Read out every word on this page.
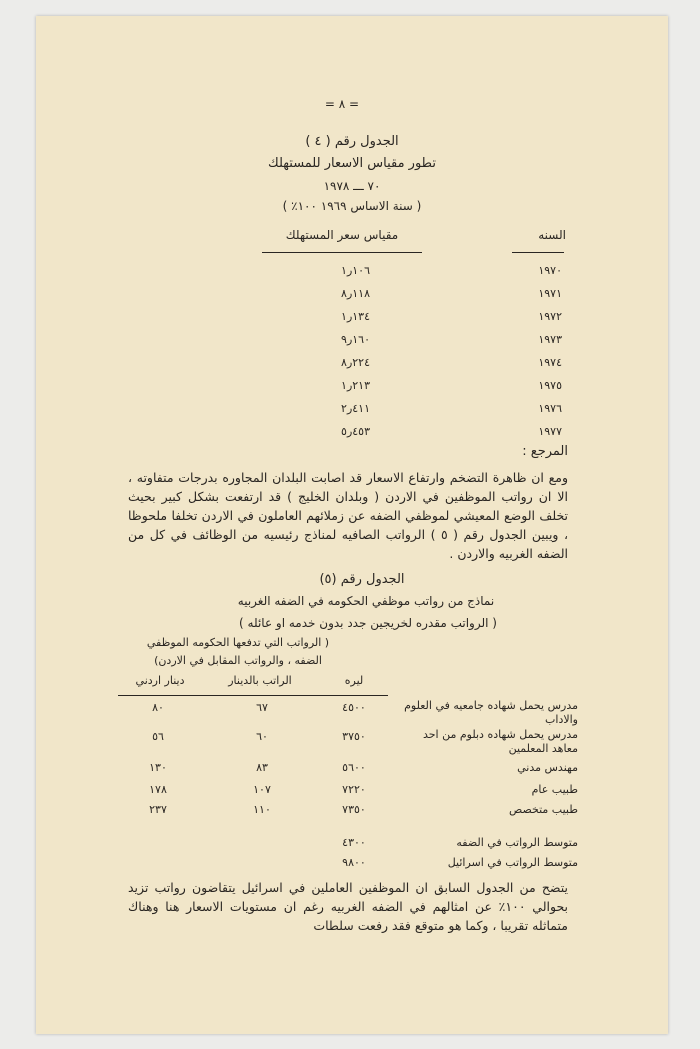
= ٨ =
الجدول رقم ( ٤ )
تطور مقياس الاسعار للمستهلك
٧٠ ـــ ١٩٧٨
( سنة الاساس ١٩٦٩ ١٠٠٪ )
السنه
مقياس سعر المستهلك
١٩٧٠
١٠٦ر١
١٩٧١
١١٨ر٨
١٩٧٢
١٣٤ر١
١٩٧٣
١٦٠ر٩
١٩٧٤
٢٢٤ر٨
١٩٧٥
٢١٣ر١
١٩٧٦
٤١١ر٢
١٩٧٧
٤٥٣ر٥
المرجع :

ومع ان ظاهرة التضخم وارتفاع الاسعار قد اصابت البلدان المجاوره بدرجات متفاوته ، الا ان رواتب الموظفين في الاردن ( وبلدان الخليج ) قد ارتفعت بشكل كبير بحيث تخلف الوضع المعيشي لموظفي الضفه عن زملائهم العاملون في الاردن تخلفا ملحوظا ، ويبين الجدول رقم ( ٥ ) الرواتب الصافيه لمناذج رئيسيه من الوظائف في كل من الضفه الغربيه والاردن .

الجدول رقم (٥)
نماذج من رواتب موظفي الحكومه في الضفه الغربيه
( الرواتب مقدره لخريجين جدد بدون خدمه او عائله )
( الرواتب التي تدفعها الحكومه الموظفي
الضفه ، والرواتب المقابل في الاردن)
ليره
الراتب بالدينار
دينار اردني
مدرس يحمل شهاده جامعيه في العلوم والاداب
٤٥٠٠
٦٧
٨٠
مدرس يحمل شهاده دبلوم من احد معاهد المعلمين
٣٧٥٠
٦٠
٥٦
مهندس مدني
٥٦٠٠
٨٣
١٣٠
طبيب عام
٧٢٢٠
١٠٧
١٧٨
طبيب متخصص
٧٣٥٠
١١٠
٢٣٧
متوسط الرواتب في الضفه
٤٣٠٠
متوسط الرواتب في اسرائيل
٩٨٠٠

يتضح من الجدول السابق ان الموظفين العاملين في اسرائيل يتقاضون رواتب تزيد بحوالي ١٠٠٪ عن امثالهم في الضفه الغربيه رغم ان مستويات الاسعار هنا وهناك متماثله تقريبا ، وكما هو متوقع فقد رفعت سلطات
